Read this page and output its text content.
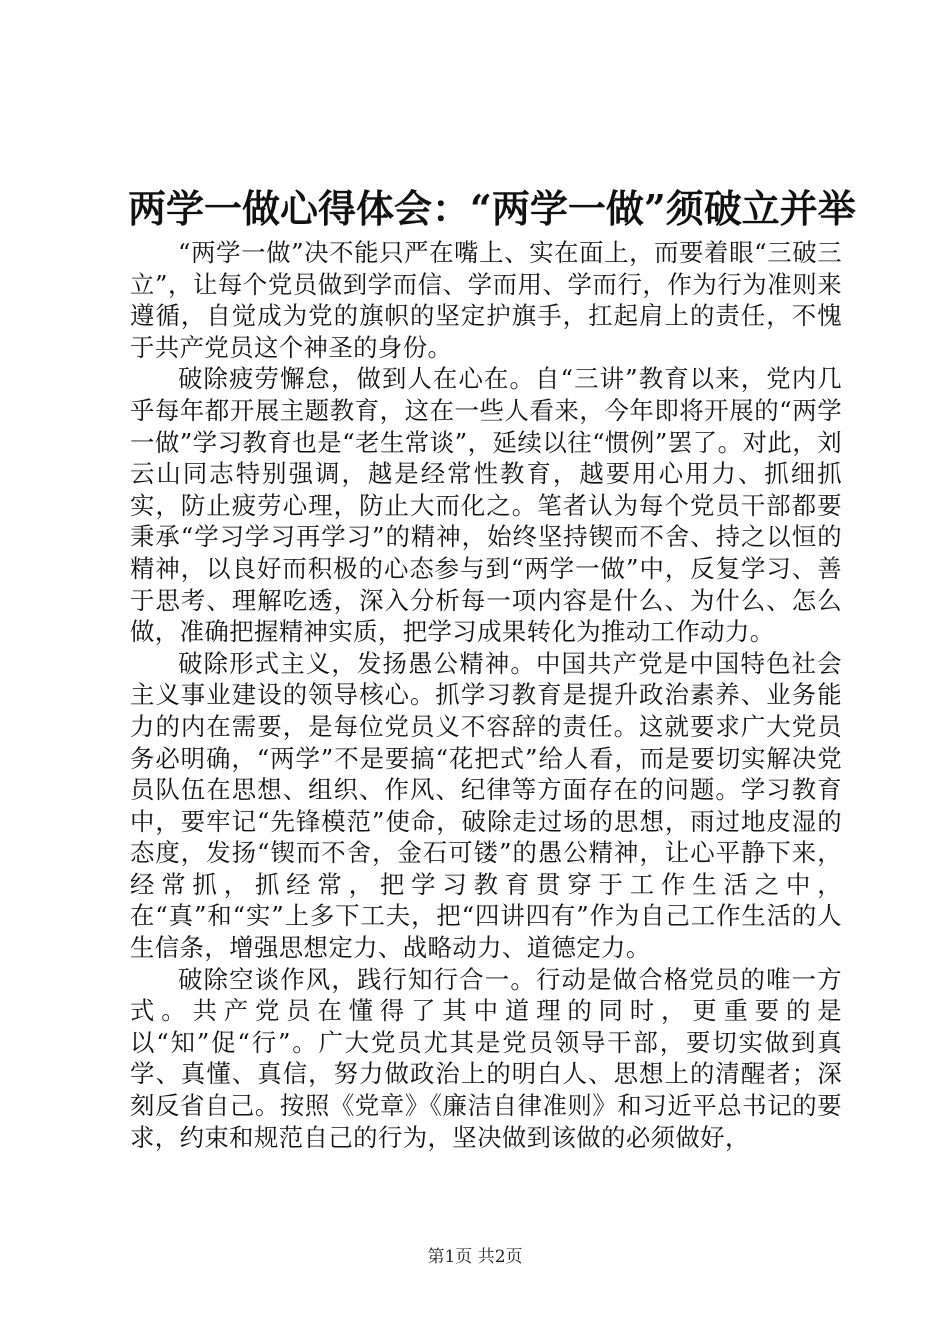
两学一做心得体会：“两学一做”须破立并举

“两学一做”决不能只严在嘴上、实在面上，而要着眼“三破三立”，让每个党员做到学而信、学而用、学而行，作为行为准则来遵循，自觉成为党的旗帜的坚定护旗手，扛起肩上的责任，不愧于共产党员这个神圣的身份。

破除疲劳懈怠，做到人在心在。自“三讲”教育以来，党内几乎每年都开展主题教育，这在一些人看来，今年即将开展的“两学一做”学习教育也是“老生常谈”，延续以往“惯例”罢了。对此，刘云山同志特别强调，越是经常性教育，越要用心用力、抓细抓实，防止疲劳心理，防止大而化之。笔者认为每个党员干部都要秉承“学习学习再学习”的精神，始终坚持锲而不舍、持之以恒的精神，以良好而积极的心态参与到“两学一做”中，反复学习、善于思考、理解吃透，深入分析每一项内容是什么、为什么、怎么做，准确把握精神实质，把学习成果转化为推动工作动力。

破除形式主义，发扬愚公精神。中国共产党是中国特色社会主义事业建设的领导核心。抓学习教育是提升政治素养、业务能力的内在需要，是每位党员义不容辞的责任。这就要求广大党员务必明确，“两学”不是要搞“花把式”给人看，而是要切实解决党员队伍在思想、组织、作风、纪律等方面存在的问题。学习教育中，要牢记“先锋模范”使命，破除走过场的思想，雨过地皮湿的态度，发扬“锲而不舍，金石可镂”的愚公精神，让心平静下来，经常抓，抓经常，把学习教育贯穿于工作生活之中，在“真”和“实”上多下工夫，把“四讲四有”作为自己工作生活的人生信条，增强思想定力、战略动力、道德定力。

破除空谈作风，践行知行合一。行动是做合格党员的唯一方式。共产党员在懂得了其中道理的同时，更重要的是以“知”促“行”。广大党员尤其是党员领导干部，要切实做到真学、真懂、真信，努力做政治上的明白人、思想上的清醒者；深刻反省自己。按照《党章》《廉洁自律准则》和习近平总书记的要求，约束和规范自己的行为，坚决做到该做的必须做好，

第1页 共2页
